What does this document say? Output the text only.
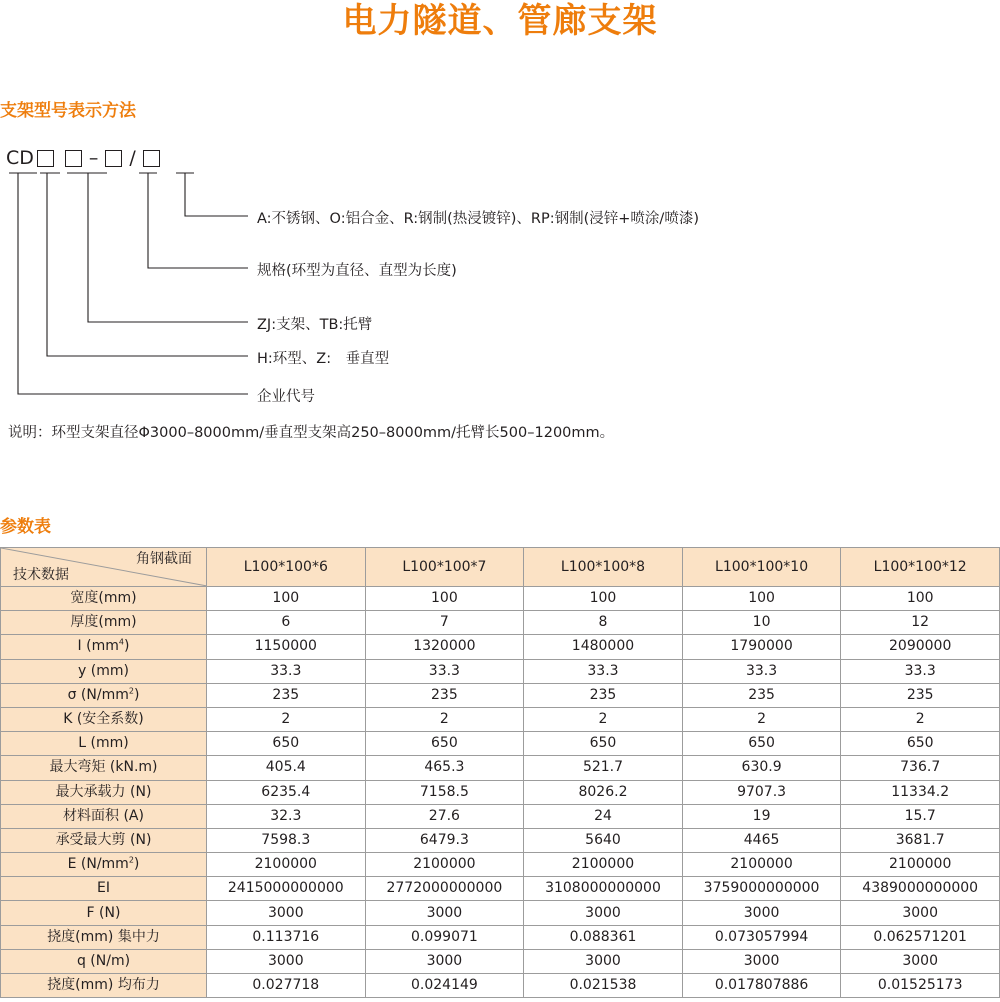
电力隧道、管廊支架
支架型号表示方法
CD	– /
A:不锈钢、O:铝合金、R:钢制(热浸镀锌)、RP:钢制(浸锌+喷涂/喷漆)
规格(环型为直径、直型为长度)
ZJ:支架、TB:托臂
H:环型、Z:　垂直型
企业代号
说明：环型支架直径Φ3000–8000mm/垂直型支架高250–8000mm/托臂长500–1200mm。
参数表
角钢截面
技术数据	L100*100*6	L100*100*7	L100*100*8	L100*100*10	L100*100*12
宽度(mm)	100	100	100	100	100
厚度(mm)	6	7	8	10	12
I $(mm^4)$	1150000	1320000	1480000	1790000	2090000
y (mm)	33.3	33.3	33.3	33.3	33.3
σ $(N/mm^2)$	235	235	235	235	235
K (安全系数)	2	2	2	2	2
L (mm)	650	650	650	650	650
最大弯矩 (kN.m)	405.4	465.3	521.7	630.9	736.7
最大承载力 (N)	6235.4	7158.5	8026.2	9707.3	11334.2
材料面积 (A)	32.3	27.6	24	19	15.7
承受最大剪 (N)	7598.3	6479.3	5640	4465	3681.7
E $(N/mm^2)$	2100000	2100000	2100000	2100000	2100000
EI	2415000000000	2772000000000	3108000000000	3759000000000	4389000000000
F (N)	3000	3000	3000	3000	3000
挠度(mm) 集中力	0.113716	0.099071	0.088361	0.073057994	0.062571201
q (N/m)	3000	3000	3000	3000	3000
挠度(mm) 均布力	0.027718	0.024149	0.021538	0.017807886	0.01525173
